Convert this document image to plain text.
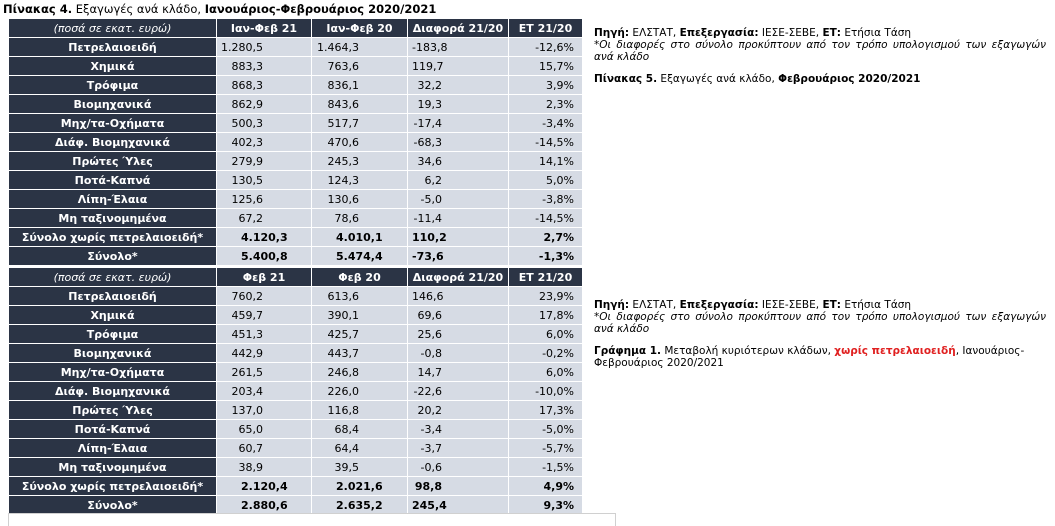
Πίνακας 4. Εξαγωγές ανά κλάδο, Ιανουάριος-Φεβρουάριος 2020/2021
(ποσά σε εκατ. ευρώ)	Ιαν-Φεβ 21	Ιαν-Φεβ 20	Διαφορά 21/20	ΕΤ 21/20
Πετρελαιοειδή	1.280,5	1.464,3	-183,8	-12,6%
Χημικά	883,3	763,6	119,7	15,7%
Τρόφιμα	868,3	836,1	32,2	3,9%
Βιομηχανικά	862,9	843,6	19,3	2,3%
Μηχ/τα-Οχήματα	500,3	517,7	-17,4	-3,4%
Διάφ. Βιομηχανικά	402,3	470,6	-68,3	-14,5%
Πρώτες Ύλες	279,9	245,3	34,6	14,1%
Ποτά-Καπνά	130,5	124,3	6,2	5,0%
Λίπη-Έλαια	125,6	130,6	-5,0	-3,8%
Μη ταξινομημένα	67,2	78,6	-11,4	-14,5%
Σύνολο χωρίς πετρελαιοειδή*	4.120,3	4.010,1	110,2	2,7%
Σύνολο*	5.400,8	5.474,4	-73,6	-1,3%
(ποσά σε εκατ. ευρώ)	Φεβ 21	Φεβ 20	Διαφορά 21/20	ΕΤ 21/20
Πετρελαιοειδή	760,2	613,6	146,6	23,9%
Χημικά	459,7	390,1	69,6	17,8%
Τρόφιμα	451,3	425,7	25,6	6,0%
Βιομηχανικά	442,9	443,7	-0,8	-0,2%
Μηχ/τα-Οχήματα	261,5	246,8	14,7	6,0%
Διάφ. Βιομηχανικά	203,4	226,0	-22,6	-10,0%
Πρώτες Ύλες	137,0	116,8	20,2	17,3%
Ποτά-Καπνά	65,0	68,4	-3,4	-5,0%
Λίπη-Έλαια	60,7	64,4	-3,7	-5,7%
Μη ταξινομημένα	38,9	39,5	-0,6	-1,5%
Σύνολο χωρίς πετρελαιοειδή*	2.120,4	2.021,6	98,8	4,9%
Σύνολο*	2.880,6	2.635,2	245,4	9,3%
Πηγή: ΕΛΣΤΑΤ, Επεξεργασία: ΙΕΣΕ-ΣΕΒΕ, ΕΤ: Ετήσια Τάση
*Οι διαφορές στο σύνολο προκύπτουν από τον τρόπο υπολογισμού των εξαγωγών ανά κλάδο
Πίνακας 5. Εξαγωγές ανά κλάδο, Φεβρουάριος 2020/2021
Πηγή: ΕΛΣΤΑΤ, Επεξεργασία: ΙΕΣΕ-ΣΕΒΕ, ΕΤ: Ετήσια Τάση
*Οι διαφορές στο σύνολο προκύπτουν από τον τρόπο υπολογισμού των εξαγωγών ανά κλάδο
Γράφημα 1. Μεταβολή κυριότερων κλάδων, χωρίς πετρελαιοειδή, Ιανουάριος-Φεβρουάριος 2020/2021
